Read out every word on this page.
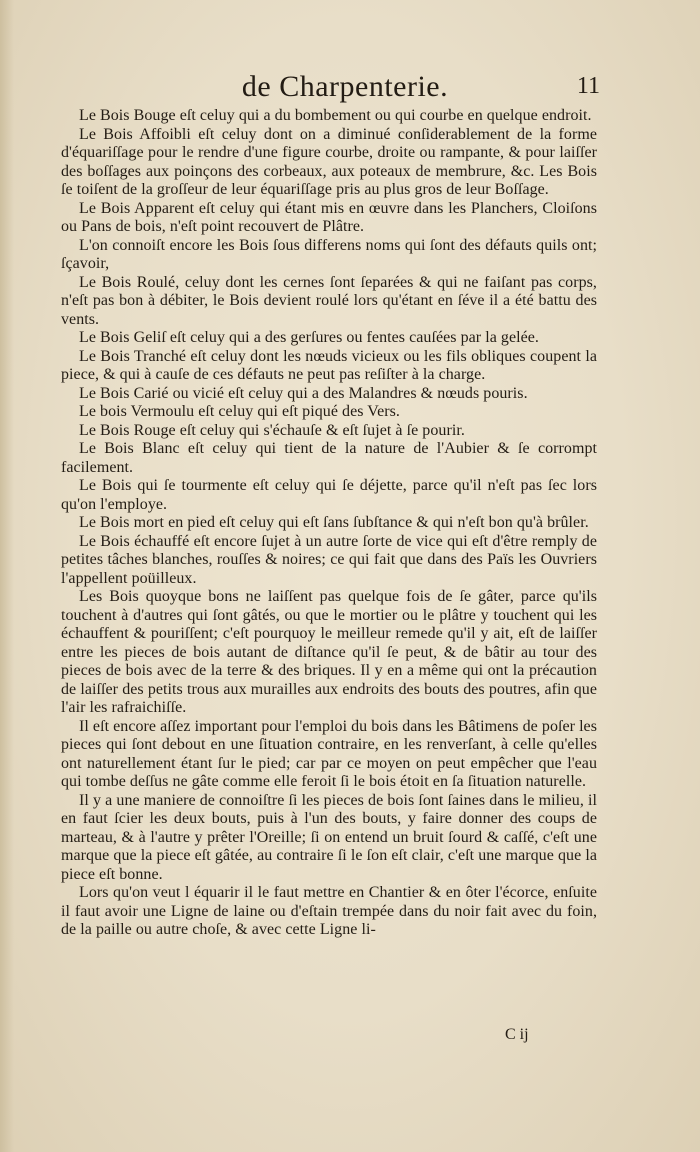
de Charpenterie.	11

Le Bois Bouge eſt celuy qui a du bombement ou qui courbe en quelque endroit.

Le Bois Affoibli eſt celuy dont on a diminué conſiderablement de la forme d'équariſſage pour le rendre d'une figure courbe, droite ou rampante, & pour laiſſer des boſſages aux poinçons des corbeaux, aux poteaux de membrure, &c. Les Bois ſe toiſent de la groſſeur de leur équariſſage pris au plus gros de leur Boſſage.

Le Bois Apparent eſt celuy qui étant mis en œuvre dans les Planchers, Cloiſons ou Pans de bois, n'eſt point recouvert de Plâtre.

L'on connoiſt encore les Bois ſous differens noms qui ſont des défauts quils ont; ſçavoir,

Le Bois Roulé, celuy dont les cernes ſont ſeparées & qui ne faiſant pas corps, n'eſt pas bon à débiter, le Bois devient roulé lors qu'étant en ſéve il a été battu des vents.

Le Bois Geliſ eſt celuy qui a des gerſures ou fentes cauſées par la gelée.

Le Bois Tranché eſt celuy dont les nœuds vicieux ou les fils obliques coupent la piece, & qui à cauſe de ces défauts ne peut pas reſiſter à la charge.

Le Bois Carié ou vicié eſt celuy qui a des Malandres & nœuds pouris.

Le bois Vermoulu eſt celuy qui eſt piqué des Vers.

Le Bois Rouge eſt celuy qui s'échauſe & eſt ſujet à ſe pourir.

Le Bois Blanc eſt celuy qui tient de la nature de l'Aubier & ſe corrompt facilement.

Le Bois qui ſe tourmente eſt celuy qui ſe déjette, parce qu'il n'eſt pas ſec lors qu'on l'employe.

Le Bois mort en pied eſt celuy qui eſt ſans ſubſtance & qui n'eſt bon qu'à brûler.

Le Bois échauffé eſt encore ſujet à un autre ſorte de vice qui eſt d'être remply de petites tâches blanches, rouſſes & noires; ce qui fait que dans des Païs les Ouvriers l'appellent poüilleux.

Les Bois quoyque bons ne laiſſent pas quelque fois de ſe gâter, parce qu'ils touchent à d'autres qui ſont gâtés, ou que le mortier ou le plâtre y touchent qui les échauffent & pouriſſent; c'eſt pourquoy le meilleur remede qu'il y ait, eſt de laiſſer entre les pieces de bois autant de diſtance qu'il ſe peut, & de bâtir au tour des pieces de bois avec de la terre & des briques. Il y en a même qui ont la précaution de laiſſer des petits trous aux murailles aux endroits des bouts des poutres, afin que l'air les rafraichiſſe.

Il eſt encore aſſez important pour l'emploi du bois dans les Bâtimens de poſer les pieces qui ſont debout en une ſituation contraire, en les renverſant, à celle qu'elles ont naturellement étant ſur le pied; car par ce moyen on peut empêcher que l'eau qui tombe deſſus ne gâte comme elle feroit ſi le bois étoit en ſa ſituation naturelle.

Il y a une maniere de connoiſtre ſi les pieces de bois ſont ſaines dans le milieu, il en faut ſcier les deux bouts, puis à l'un des bouts, y faire donner des coups de marteau, & à l'autre y prêter l'Oreille; ſi on entend un bruit ſourd & caſſé, c'eſt une marque que la piece eſt gâtée, au contraire ſi le ſon eſt clair, c'eſt une marque que la piece eſt bonne.

Lors qu'on veut l équarir il le faut mettre en Chantier & en ôter l'écorce, enſuite il faut avoir une Ligne de laine ou d'eſtain trempée dans du noir fait avec du foin, de la paille ou autre choſe, & avec cette Ligne li-

C ij
